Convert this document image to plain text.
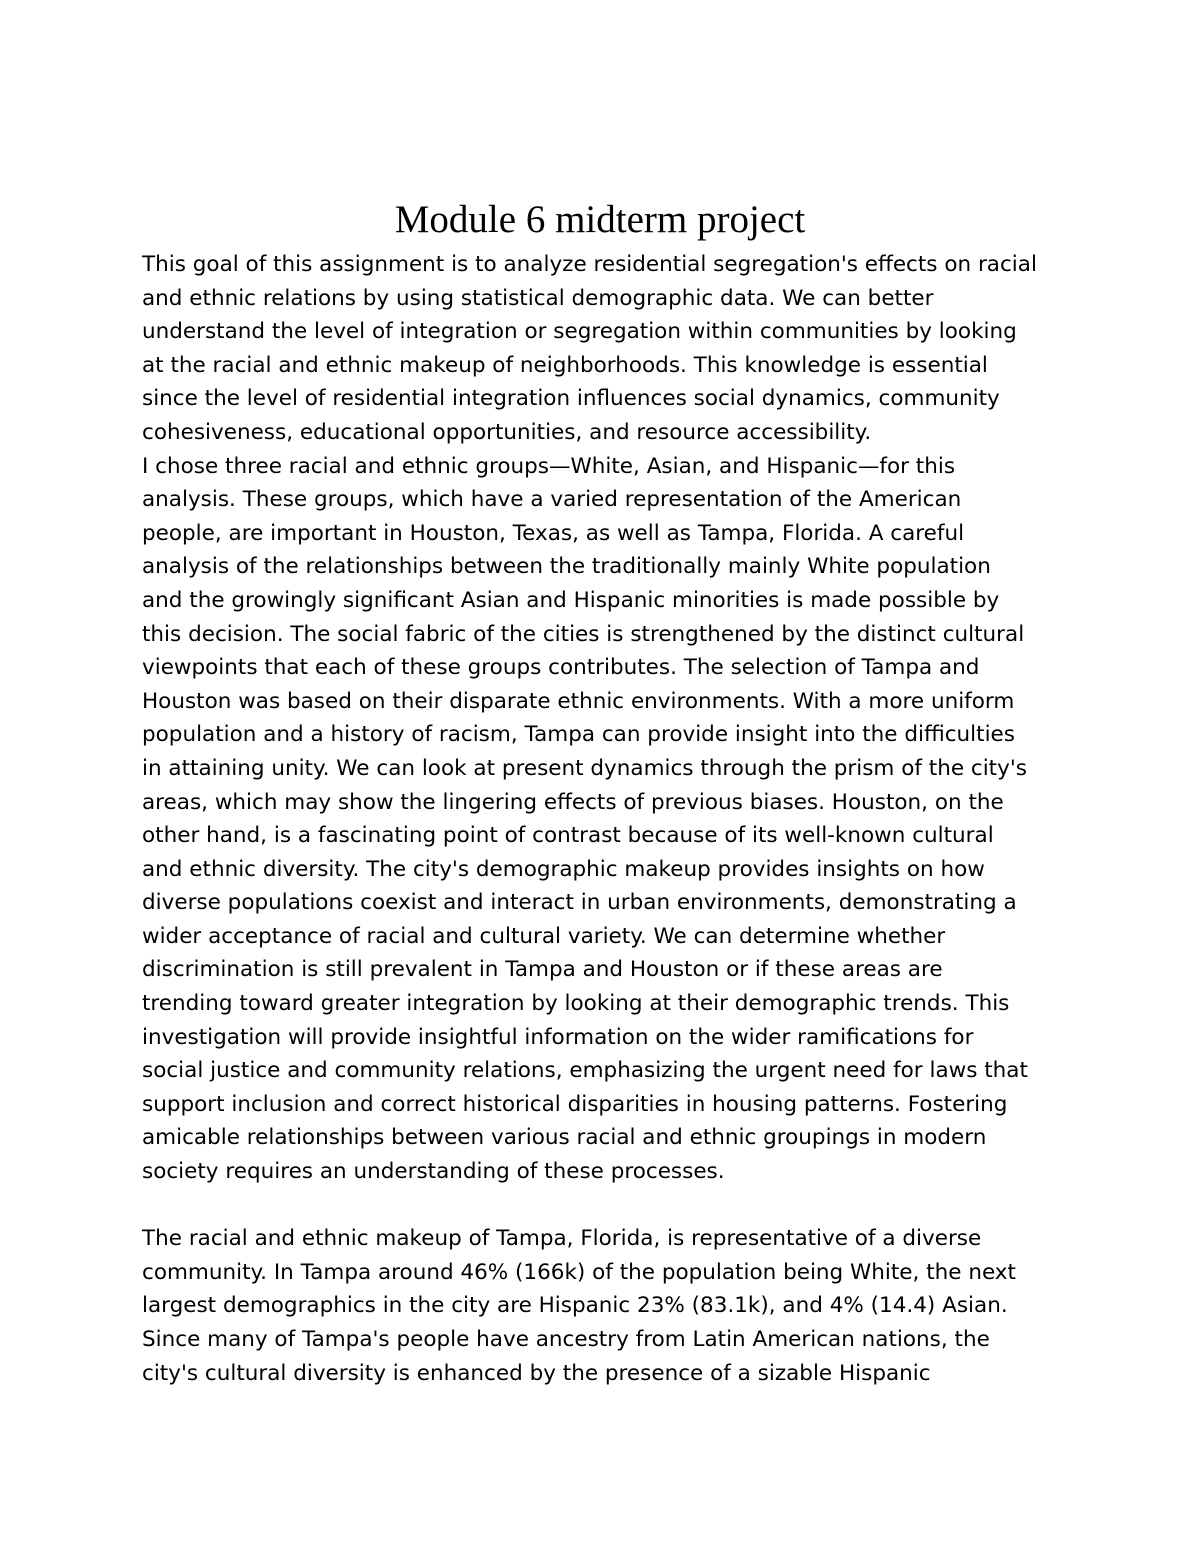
Module 6 midterm project
This goal of this assignment is to analyze residential segregation's effects on racial
and ethnic relations by using statistical demographic data. We can better
understand the level of integration or segregation within communities by looking
at the racial and ethnic makeup of neighborhoods. This knowledge is essential
since the level of residential integration influences social dynamics, community
cohesiveness, educational opportunities, and resource accessibility.
I chose three racial and ethnic groups—White, Asian, and Hispanic—for this
analysis. These groups, which have a varied representation of the American
people, are important in Houston, Texas, as well as Tampa, Florida. A careful
analysis of the relationships between the traditionally mainly White population
and the growingly significant Asian and Hispanic minorities is made possible by
this decision. The social fabric of the cities is strengthened by the distinct cultural
viewpoints that each of these groups contributes. The selection of Tampa and
Houston was based on their disparate ethnic environments. With a more uniform
population and a history of racism, Tampa can provide insight into the difficulties
in attaining unity. We can look at present dynamics through the prism of the city's
areas, which may show the lingering effects of previous biases. Houston, on the
other hand, is a fascinating point of contrast because of its well-known cultural
and ethnic diversity. The city's demographic makeup provides insights on how
diverse populations coexist and interact in urban environments, demonstrating a
wider acceptance of racial and cultural variety. We can determine whether
discrimination is still prevalent in Tampa and Houston or if these areas are
trending toward greater integration by looking at their demographic trends. This
investigation will provide insightful information on the wider ramifications for
social justice and community relations, emphasizing the urgent need for laws that
support inclusion and correct historical disparities in housing patterns. Fostering
amicable relationships between various racial and ethnic groupings in modern
society requires an understanding of these processes.
The racial and ethnic makeup of Tampa, Florida, is representative of a diverse
community. In Tampa around 46% (166k) of the population being White, the next
largest demographics in the city are Hispanic 23% (83.1k), and 4% (14.4) Asian.
Since many of Tampa's people have ancestry from Latin American nations, the
city's cultural diversity is enhanced by the presence of a sizable Hispanic
